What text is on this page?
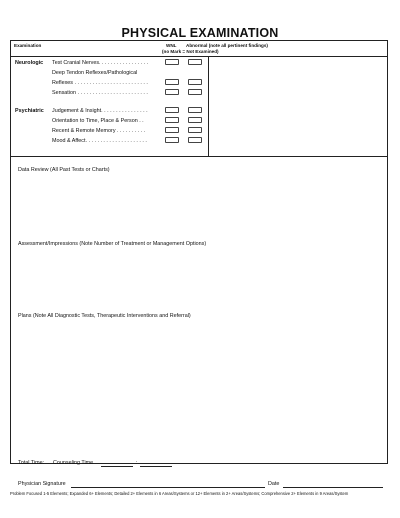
PHYSICAL EXAMINATION
Examination	WNL Abnormal (note all pertinent findings)
(no Mark = Not Examined)
Neurologic Test Cranial Nerves. . . . . . . . . . . . . . . . .
Deep Tendon Reflexes/Pathological
Reflexes . . . . . . . . . . . . . . . . . . . . . . . . .
Sensation . . . . . . . . . . . . . . . . . . . . . . . .
Psychiatric Judgement & Insight. . . . . . . . . . . . . . . .
Orientation to Time, Place & Person . .
Recent & Remote Memory . . . . . . . . . .
Mood & Affect. . . . . . . . . . . . . . . . . . . . .
Data Review (All Past Tests or Charts)
Assessment/Impressions (Note Number of Treatment or Management Options)
Plans (Note All Diagnostic Tests, Therapeutic Interventions and Referral)
Total Time: Counseling Time	:
Physician Signature	Date
Problem Focused 1-5 Elements; Expanded 6+ Elements; Detailed 2+ Elements in 6 Areas/Systems or 12+ Elements in 2+ Areas/Systems; Comprehensive 2+ Elements in 9 Areas/System
